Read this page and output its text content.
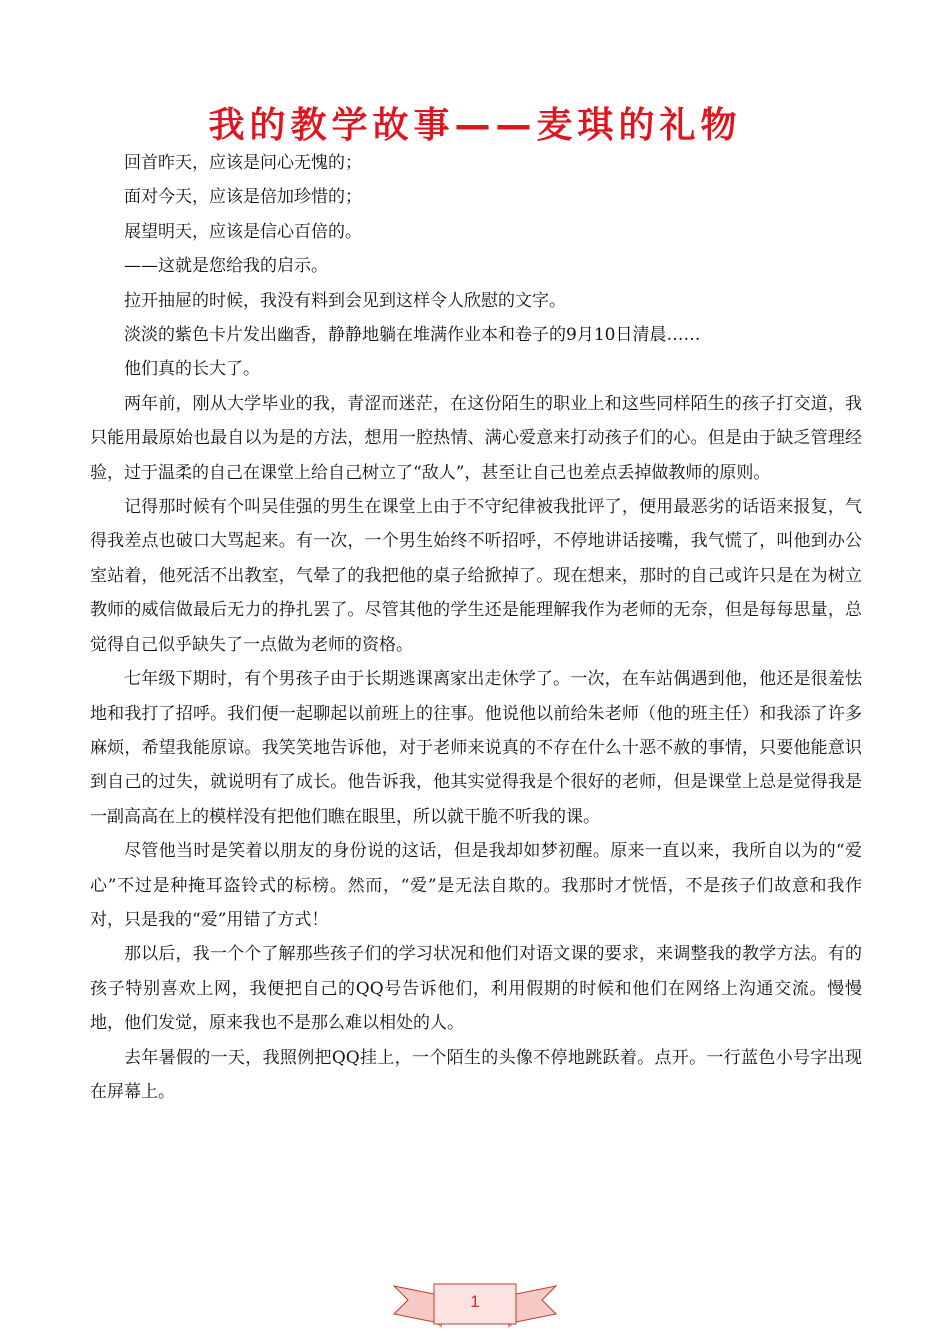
我的教学故事——麦琪的礼物

回首昨天，应该是问心无愧的；

面对今天，应该是倍加珍惜的；

展望明天，应该是信心百倍的。

——这就是您给我的启示。

拉开抽屉的时候，我没有料到会见到这样令人欣慰的文字。

淡淡的紫色卡片发出幽香，静静地躺在堆满作业本和卷子的9月10日清晨……

他们真的长大了。

两年前，刚从大学毕业的我，青涩而迷茫，在这份陌生的职业上和这些同样陌生的孩子打交道，我只能用最原始也最自以为是的方法，想用一腔热情、满心爱意来打动孩子们的心。但是由于缺乏管理经验，过于温柔的自己在课堂上给自己树立了“敌人”，甚至让自己也差点丢掉做教师的原则。

记得那时候有个叫吴佳强的男生在课堂上由于不守纪律被我批评了，便用最恶劣的话语来报复，气得我差点也破口大骂起来。有一次，一个男生始终不听招呼，不停地讲话接嘴，我气慌了，叫他到办公室站着，他死活不出教室，气晕了的我把他的桌子给掀掉了。现在想来，那时的自己或许只是在为树立教师的威信做最后无力的挣扎罢了。尽管其他的学生还是能理解我作为老师的无奈，但是每每思量，总觉得自己似乎缺失了一点做为老师的资格。

七年级下期时，有个男孩子由于长期逃课离家出走休学了。一次，在车站偶遇到他，他还是很羞怯地和我打了招呼。我们便一起聊起以前班上的往事。他说他以前给朱老师（他的班主任）和我添了许多麻烦，希望我能原谅。我笑笑地告诉他，对于老师来说真的不存在什么十恶不赦的事情，只要他能意识到自己的过失，就说明有了成长。他告诉我，他其实觉得我是个很好的老师，但是课堂上总是觉得我是一副高高在上的模样没有把他们瞧在眼里，所以就干脆不听我的课。

尽管他当时是笑着以朋友的身份说的这话，但是我却如梦初醒。原来一直以来，我所自以为的“爱心”不过是种掩耳盗铃式的标榜。然而，“爱”是无法自欺的。我那时才恍悟，不是孩子们故意和我作对，只是我的“爱”用错了方式！

那以后，我一个个了解那些孩子们的学习状况和他们对语文课的要求，来调整我的教学方法。有的孩子特别喜欢上网，我便把自己的QQ号告诉他们，利用假期的时候和他们在网络上沟通交流。慢慢地，他们发觉，原来我也不是那么难以相处的人。

去年暑假的一天，我照例把QQ挂上，一个陌生的头像不停地跳跃着。点开。一行蓝色小号字出现在屏幕上。

1
